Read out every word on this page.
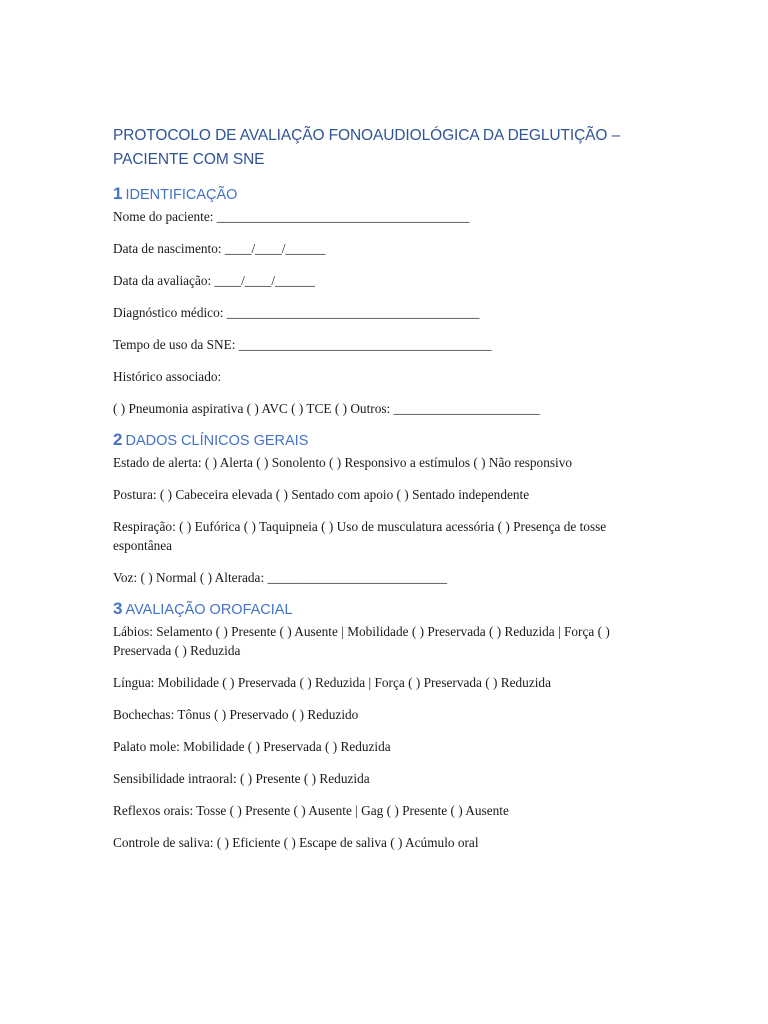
PROTOCOLO DE AVALIAÇÃO FONOAUDIOLÓGICA DA DEGLUTIÇÃO –
PACIENTE COM SNE
1 IDENTIFICAÇÃO
Nome do paciente: ______________________________________
Data de nascimento: ____/____/______
Data da avaliação: ____/____/______
Diagnóstico médico: ______________________________________
Tempo de uso da SNE: ______________________________________
Histórico associado:
( ) Pneumonia aspirativa ( ) AVC ( ) TCE ( ) Outros: ______________________
2 DADOS CLÍNICOS GERAIS
Estado de alerta: ( ) Alerta ( ) Sonolento ( ) Responsivo a estímulos ( ) Não responsivo
Postura: ( ) Cabeceira elevada ( ) Sentado com apoio ( ) Sentado independente
Respiração: ( ) Eufórica ( ) Taquipneia ( ) Uso de musculatura acessória ( ) Presença de tosse espontânea
Voz: ( ) Normal ( ) Alterada: ___________________________
3 AVALIAÇÃO OROFACIAL
Lábios: Selamento ( ) Presente ( ) Ausente | Mobilidade ( ) Preservada ( ) Reduzida | Força ( ) Preservada ( ) Reduzida
Língua: Mobilidade ( ) Preservada ( ) Reduzida | Força ( ) Preservada ( ) Reduzida
Bochechas: Tônus ( ) Preservado ( ) Reduzido
Palato mole: Mobilidade ( ) Preservada ( ) Reduzida
Sensibilidade intraoral: ( ) Presente ( ) Reduzida
Reflexos orais: Tosse ( ) Presente ( ) Ausente | Gag ( ) Presente ( ) Ausente
Controle de saliva: ( ) Eficiente ( ) Escape de saliva ( ) Acúmulo oral
